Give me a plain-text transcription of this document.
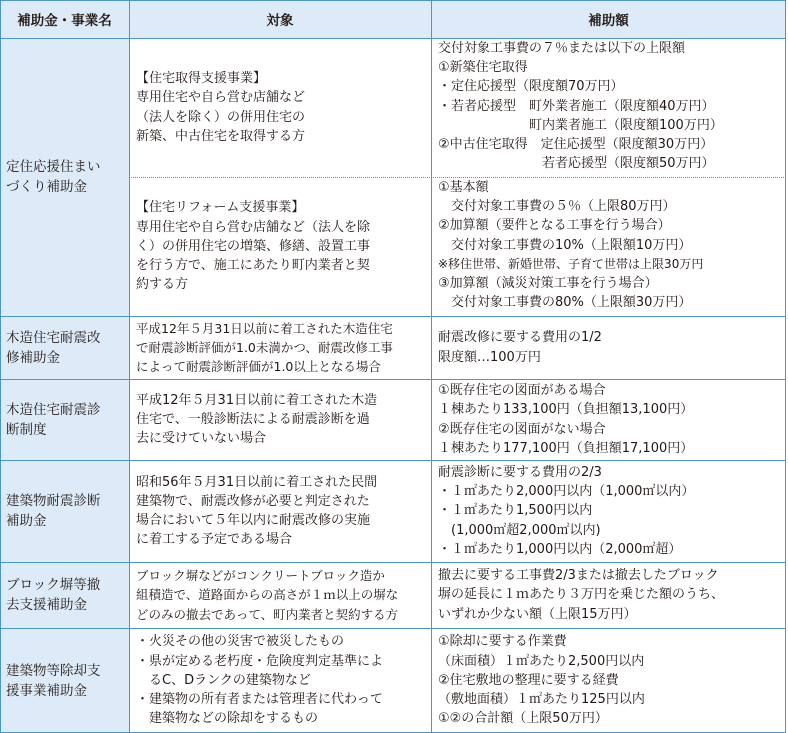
補助金・事業名	対象	補助額
定住応援住まい
づくり補助金
【住宅取得支援事業】
専用住宅や自ら営む店舗など
（法人を除く）の併用住宅の
新築、中古住宅を取得する方
交付対象工事費の７％または以下の上限額
①新築住宅取得
・定住応援型（限度額70万円）
・若者応援型　町外業者施工（限度額40万円）
　　　　　　　町内業者施工（限度額100万円）
②中古住宅取得　定住応援型（限度額30万円）
　　　　　　　　若者応援型（限度額50万円）
【住宅リフォーム支援事業】
専用住宅や自ら営む店舗など（法人を除
く）の併用住宅の増築、修繕、設置工事
を行う方で、施工にあたり町内業者と契
約する方
①基本額
　交付対象工事費の５％（上限80万円）
②加算額（要件となる工事を行う場合）
　交付対象工事費の10%（上限額10万円）
※移住世帯、新婚世帯、子育て世帯は上限30万円
③加算額（減災対策工事を行う場合）
　交付対象工事費の80%（上限額30万円）
木造住宅耐震改
修補助金
平成12年５月31日以前に着工された木造住宅
で耐震診断評価が1.0未満かつ、耐震改修工事
によって耐震診断評価が1.0以上となる場合
耐震改修に要する費用の1/2
限度額…100万円
木造住宅耐震診
断制度
平成12年５月31日以前に着工された木造
住宅で、一般診断法による耐震診断を過
去に受けていない場合
①既存住宅の図面がある場合
１棟あたり133,100円（負担額13,100円）
②既存住宅の図面がない場合
１棟あたり177,100円（負担額17,100円）
建築物耐震診断
補助金
昭和56年５月31日以前に着工された民間
建築物で、耐震改修が必要と判定された
場合において５年以内に耐震改修の実施
に着工する予定である場合
耐震診断に要する費用の2/3
・１㎡あたり2,000円以内（1,000㎡以内）
・１㎡あたり1,500円以内
　(1,000㎡超2,000㎡以内)
・１㎡あたり1,000円以内（2,000㎡超）
ブロック塀等撤
去支援補助金
ブロック塀などがコンクリートブロック造か
組積造で、道路面からの高さが１ｍ以上の塀な
どのみの撤去であって、町内業者と契約する方
撤去に要する工事費2/3または撤去したブロック
塀の延長に１ｍあたり３万円を乗じた額のうち、
いずれか少ない額（上限15万円）
建築物等除却支
援事業補助金
・火災その他の災害で被災したもの
・県が定める老朽度・危険度判定基準によ
　るC、Dランクの建築物など
・建築物の所有者または管理者に代わって
　建築物などの除却をするもの
①除却に要する作業費
（床面積）１㎡あたり2,500円以内
②住宅敷地の整理に要する経費
（敷地面積）１㎡あたり125円以内
①②の合計額（上限50万円）
